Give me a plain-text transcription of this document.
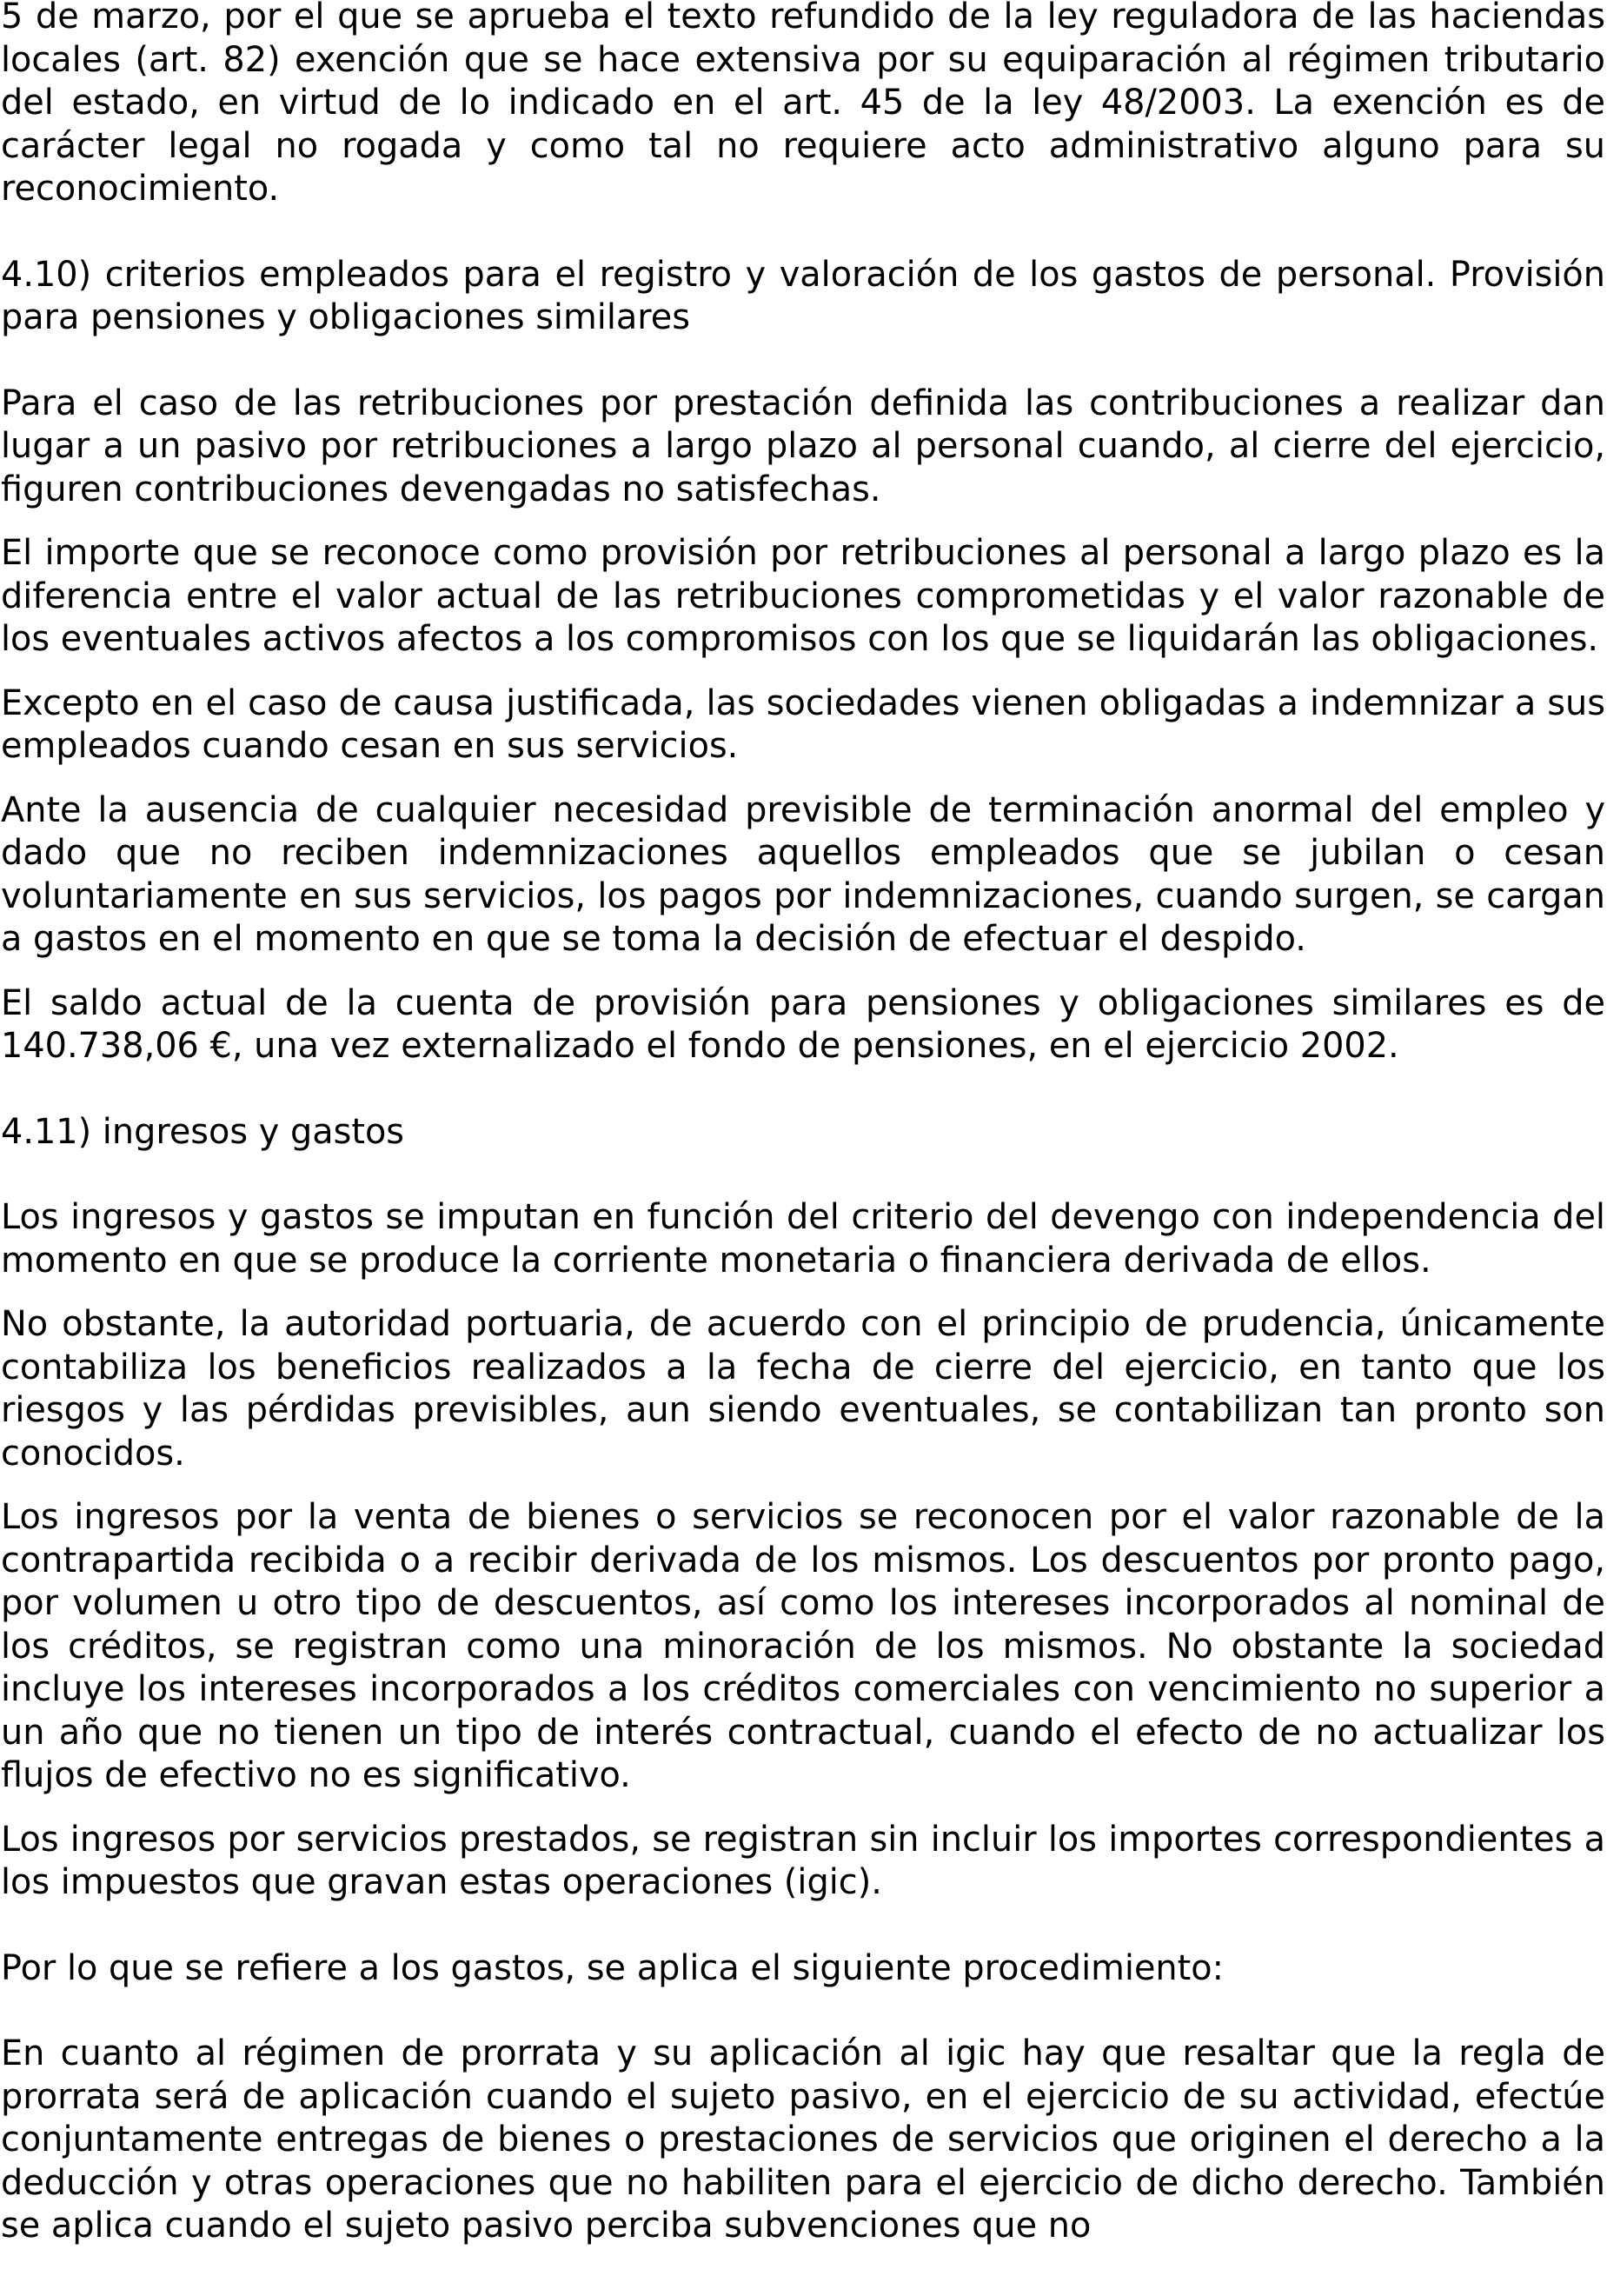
5 de marzo, por el que se aprueba el texto refundido de la ley reguladora de las haciendas locales (art. 82) exención que se hace extensiva por su equiparación al régimen tributario del estado, en virtud de lo indicado en el art. 45 de la ley 48/2003. La exención es de carácter legal no rogada y como tal no requiere acto administrativo alguno para su reconocimiento.

4.10) criterios empleados para el registro y valoración de los gastos de personal. Provisión para pensiones y obligaciones similares

Para el caso de las retribuciones por prestación definida las contribuciones a realizar dan lugar a un pasivo por retribuciones a largo plazo al personal cuando, al cierre del ejercicio, figuren contribuciones devengadas no satisfechas.

El importe que se reconoce como provisión por retribuciones al personal a largo plazo es la diferencia entre el valor actual de las retribuciones comprometidas y el valor razonable de los eventuales activos afectos a los compromisos con los que se liquidarán las obligaciones.

Excepto en el caso de causa justificada, las sociedades vienen obligadas a indemnizar a sus empleados cuando cesan en sus servicios.

Ante la ausencia de cualquier necesidad previsible de terminación anormal del empleo y dado que no reciben indemnizaciones aquellos empleados que se jubilan o cesan voluntariamente en sus servicios, los pagos por indemnizaciones, cuando surgen, se cargan a gastos en el momento en que se toma la decisión de efectuar el despido.

El saldo actual de la cuenta de provisión para pensiones y obligaciones similares es de 140.738,06 €, una vez externalizado el fondo de pensiones, en el ejercicio 2002.

4.11) ingresos y gastos

Los ingresos y gastos se imputan en función del criterio del devengo con independencia del momento en que se produce la corriente monetaria o financiera derivada de ellos.

No obstante, la autoridad portuaria, de acuerdo con el principio de prudencia, únicamente contabiliza los beneficios realizados a la fecha de cierre del ejercicio, en tanto que los riesgos y las pérdidas previsibles, aun siendo eventuales, se contabilizan tan pronto son conocidos.

Los ingresos por la venta de bienes o servicios se reconocen por el valor razonable de la contrapartida recibida o a recibir derivada de los mismos. Los descuentos por pronto pago, por volumen u otro tipo de descuentos, así como los intereses incorporados al nominal de los créditos, se registran como una minoración de los mismos. No obstante la sociedad incluye los intereses incorporados a los créditos comerciales con vencimiento no superior a un año que no tienen un tipo de interés contractual, cuando el efecto de no actualizar los flujos de efectivo no es significativo.

Los ingresos por servicios prestados, se registran sin incluir los importes correspondientes a los impuestos que gravan estas operaciones (igic).

Por lo que se refiere a los gastos, se aplica el siguiente procedimiento:

En cuanto al régimen de prorrata y su aplicación al igic hay que resaltar que la regla de prorrata será de aplicación cuando el sujeto pasivo, en el ejercicio de su actividad, efectúe conjuntamente entregas de bienes o prestaciones de servicios que originen el derecho a la deducción y otras operaciones que no habiliten para el ejercicio de dicho derecho. También se aplica cuando el sujeto pasivo perciba subvenciones que no
